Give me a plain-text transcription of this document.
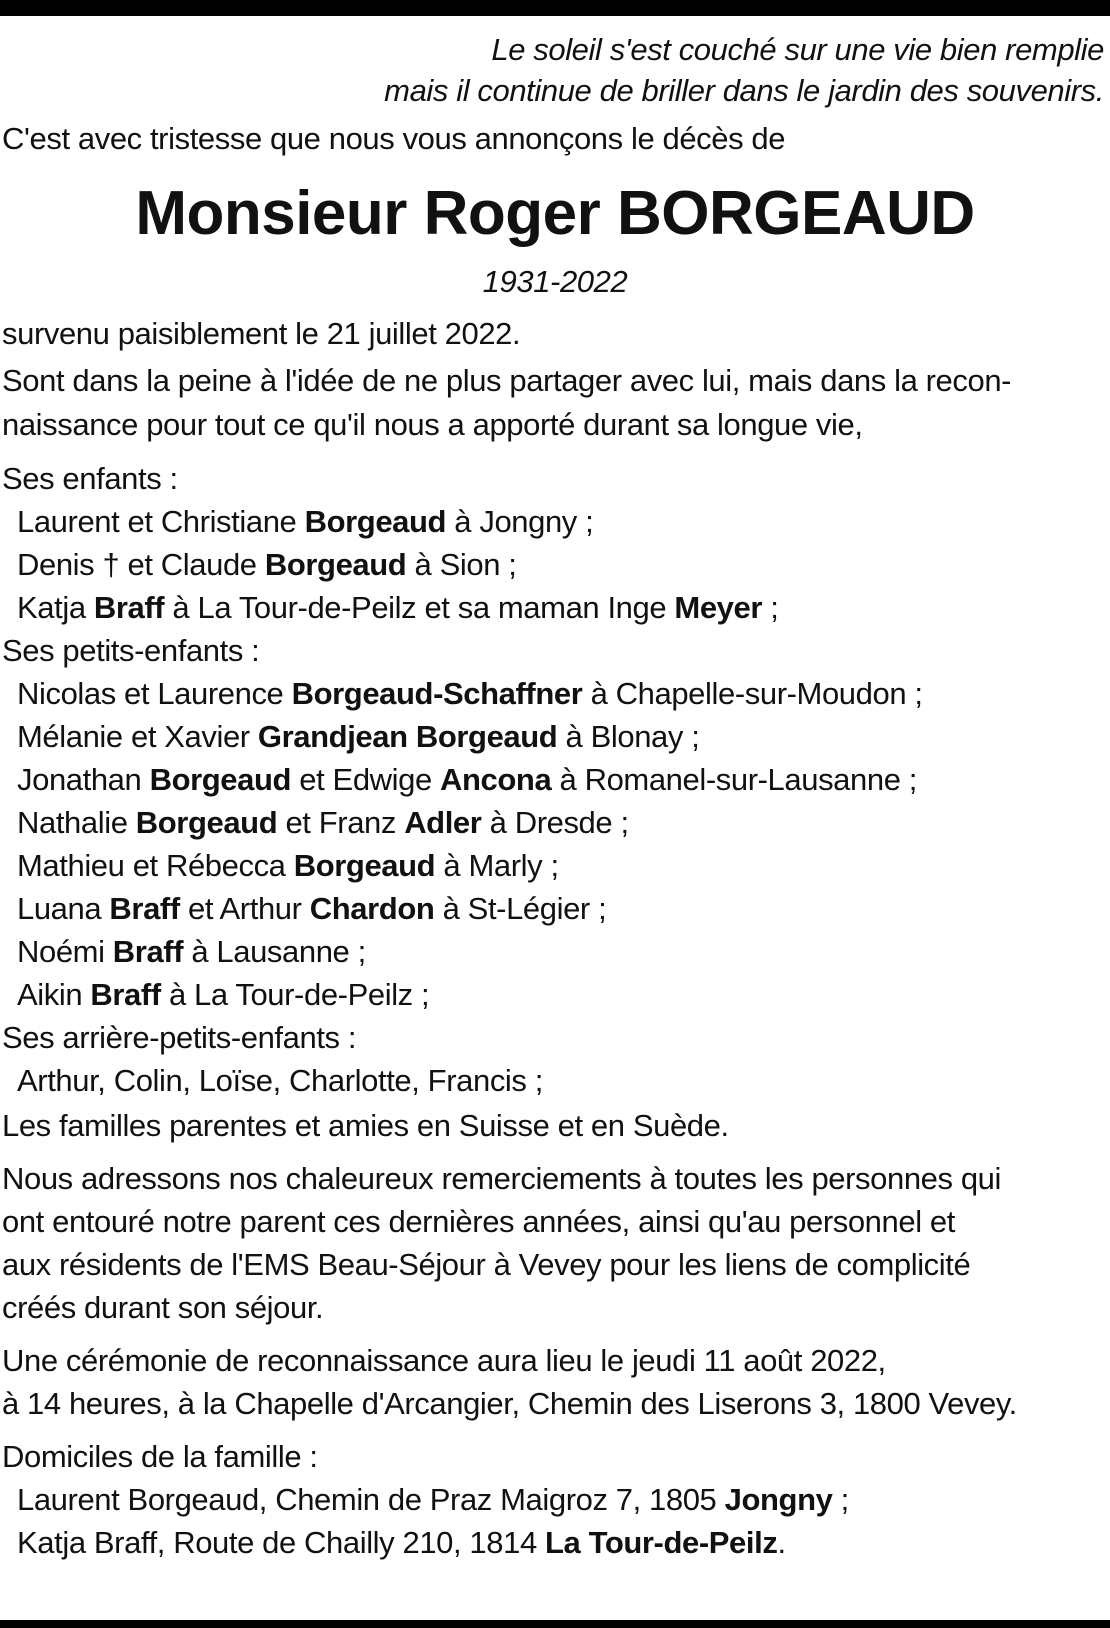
Le soleil s'est couché sur une vie bien remplie
mais il continue de briller dans le jardin des souvenirs.
C'est avec tristesse que nous vous annonçons le décès de
Monsieur Roger BORGEAUD
1931-2022
survenu paisiblement le 21 juillet 2022.
Sont dans la peine à l'idée de ne plus partager avec lui, mais dans la recon-
naissance pour tout ce qu'il nous a apporté durant sa longue vie,
Ses enfants :
Laurent et Christiane Borgeaud à Jongny ;
Denis † et Claude Borgeaud à Sion ;
Katja Braff à La Tour-de-Peilz et sa maman Inge Meyer ;
Ses petits-enfants :
Nicolas et Laurence Borgeaud-Schaffner à Chapelle-sur-Moudon ;
Mélanie et Xavier Grandjean Borgeaud à Blonay ;
Jonathan Borgeaud et Edwige Ancona à Romanel-sur-Lausanne ;
Nathalie Borgeaud et Franz Adler à Dresde ;
Mathieu et Rébecca Borgeaud à Marly ;
Luana Braff et Arthur Chardon à St-Légier ;
Noémi Braff à Lausanne ;
Aikin Braff à La Tour-de-Peilz ;
Ses arrière-petits-enfants :
Arthur, Colin, Loïse, Charlotte, Francis ;
Les familles parentes et amies en Suisse et en Suède.
Nous adressons nos chaleureux remerciements à toutes les personnes qui
ont entouré notre parent ces dernières années, ainsi qu'au personnel et
aux résidents de l'EMS Beau-Séjour à Vevey pour les liens de complicité
créés durant son séjour.
Une cérémonie de reconnaissance aura lieu le jeudi 11 août 2022,
à 14 heures, à la Chapelle d'Arcangier, Chemin des Liserons 3, 1800 Vevey.
Domiciles de la famille :
Laurent Borgeaud, Chemin de Praz Maigroz 7, 1805 Jongny ;
Katja Braff, Route de Chailly 210, 1814 La Tour-de-Peilz.
